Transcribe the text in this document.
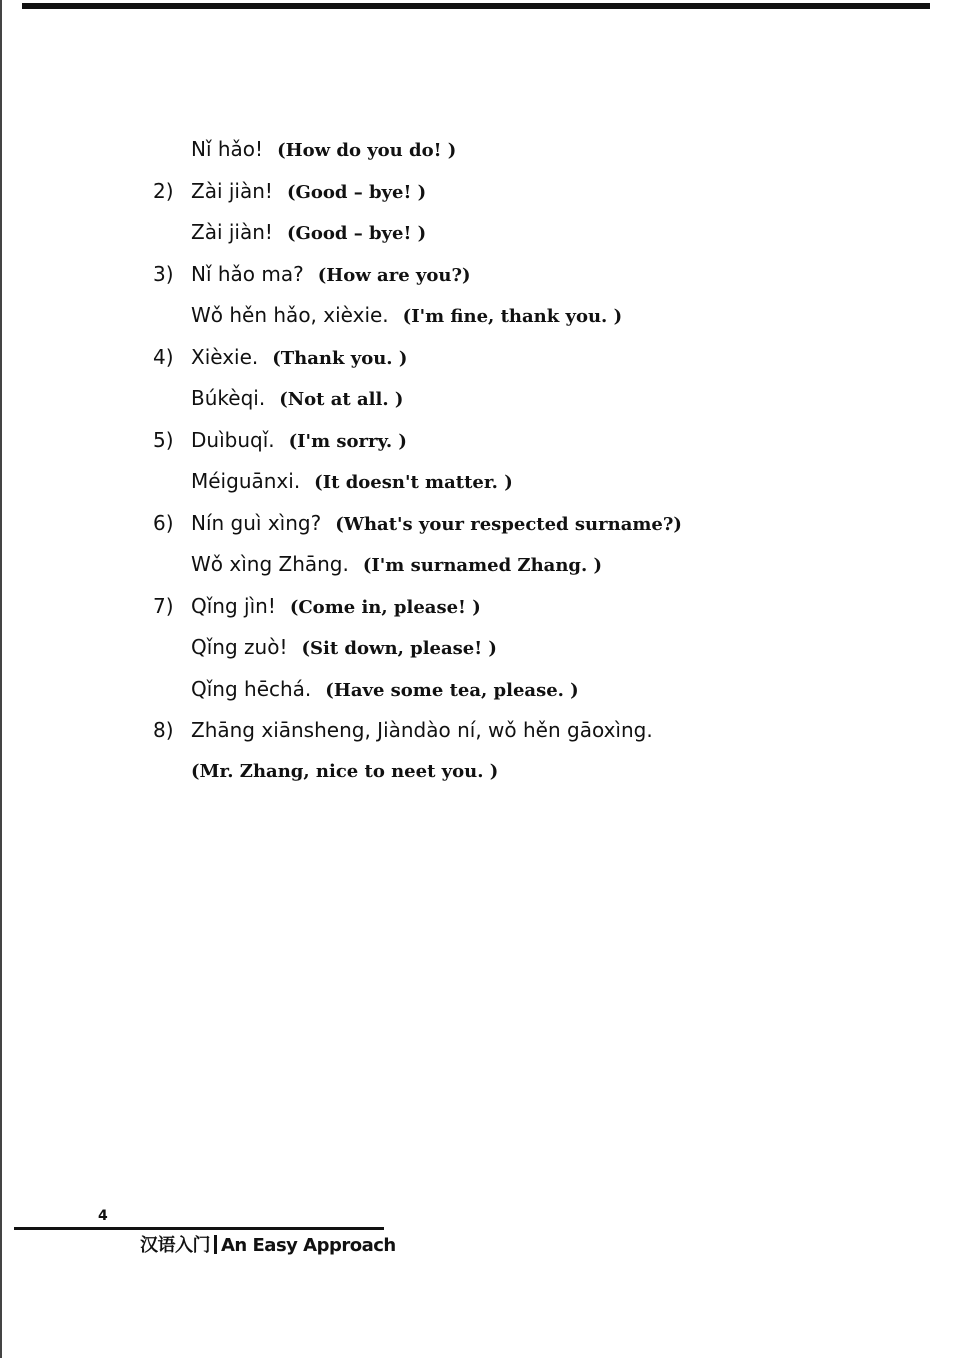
Nǐ hǎo! (How do you do! )
2) Zài jiàn! (Good – bye! )
Zài jiàn! (Good – bye! )
3) Nǐ hǎo ma? (How are you?)
Wǒ hěn hǎo, xièxie. (I'm fine, thank you. )
4) Xièxie. (Thank you. )
Búkèqi. (Not at all. )
5) Duìbuqǐ. (I'm sorry. )
Méiguānxi. (It doesn't matter. )
6) Nín guì xìng? (What's your respected surname?)
Wǒ xìng Zhāng. (I'm surnamed Zhang. )
7) Qǐng jìn! (Come in, please! )
Qǐng zuò! (Sit down, please! )
Qǐng hēchá. (Have some tea, please. )
8) Zhāng xiānsheng, Jiàndào ní, wǒ hěn gāoxìng.
(Mr. Zhang, nice to neet you. )
4
汉语入门 An Easy Approach
